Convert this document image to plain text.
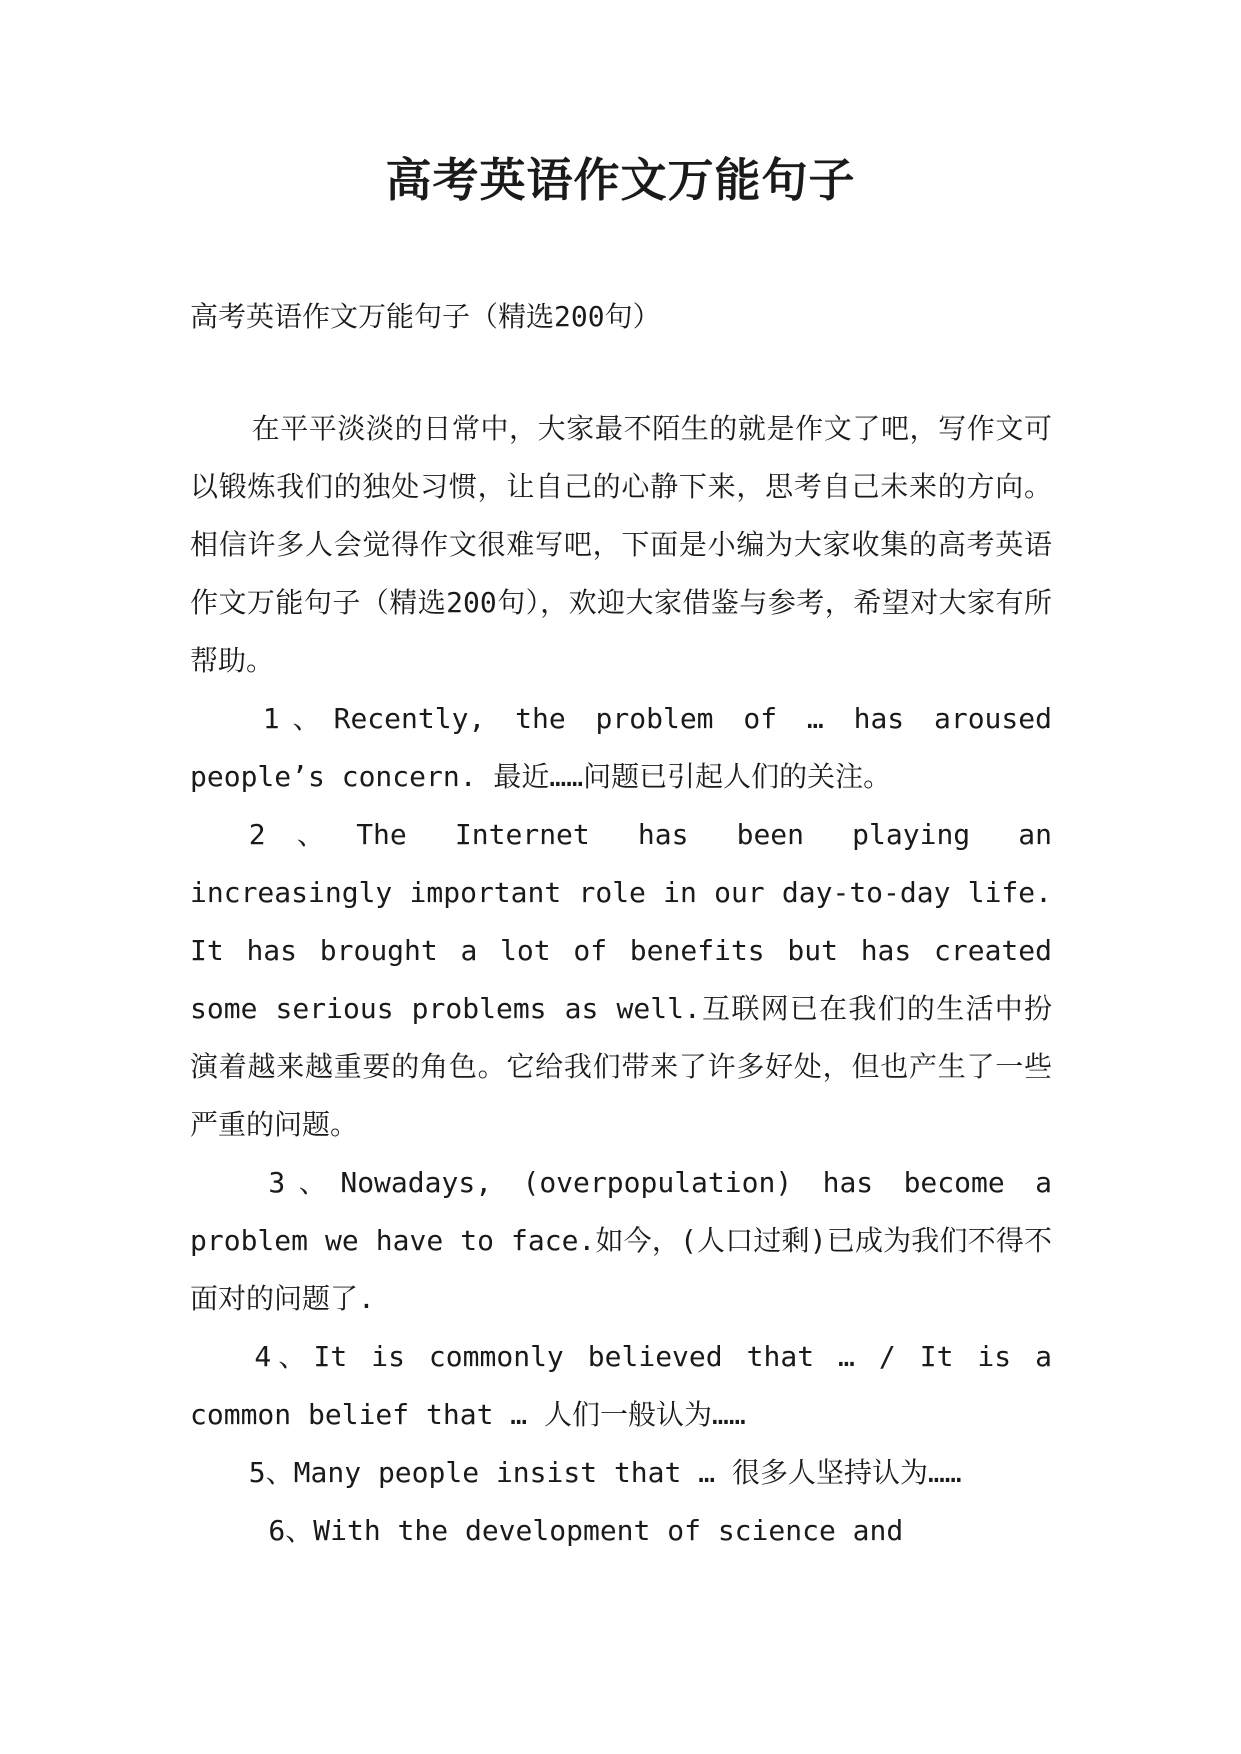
高考英语作文万能句子
高考英语作文万能句子（精选200句）

在平平淡淡的日常中，大家最不陌生的就是作文了吧，写作文可以锻炼我们的独处习惯，让自己的心静下来，思考自己未来的方向。相信许多人会觉得作文很难写吧，下面是小编为大家收集的高考英语作文万能句子（精选200句），欢迎大家借鉴与参考，希望对大家有所帮助。

1、Recently, the problem of … has aroused people’s concern. 最近……问题已引起人们的关注。

2、The Internet has been playing an increasingly important role in our day-to-day life. It has brought a lot of benefits but has created some serious problems as well.互联网已在我们的生活中扮演着越来越重要的角色。它给我们带来了许多好处，但也产生了一些严重的问题。

3、Nowadays, (overpopulation) has become a problem we have to face.如今，(人口过剩)已成为我们不得不面对的问题了.

4、It is commonly believed that … / It is a common belief that … 人们一般认为……

5、Many people insist that … 很多人坚持认为……

6、With the development of science and
